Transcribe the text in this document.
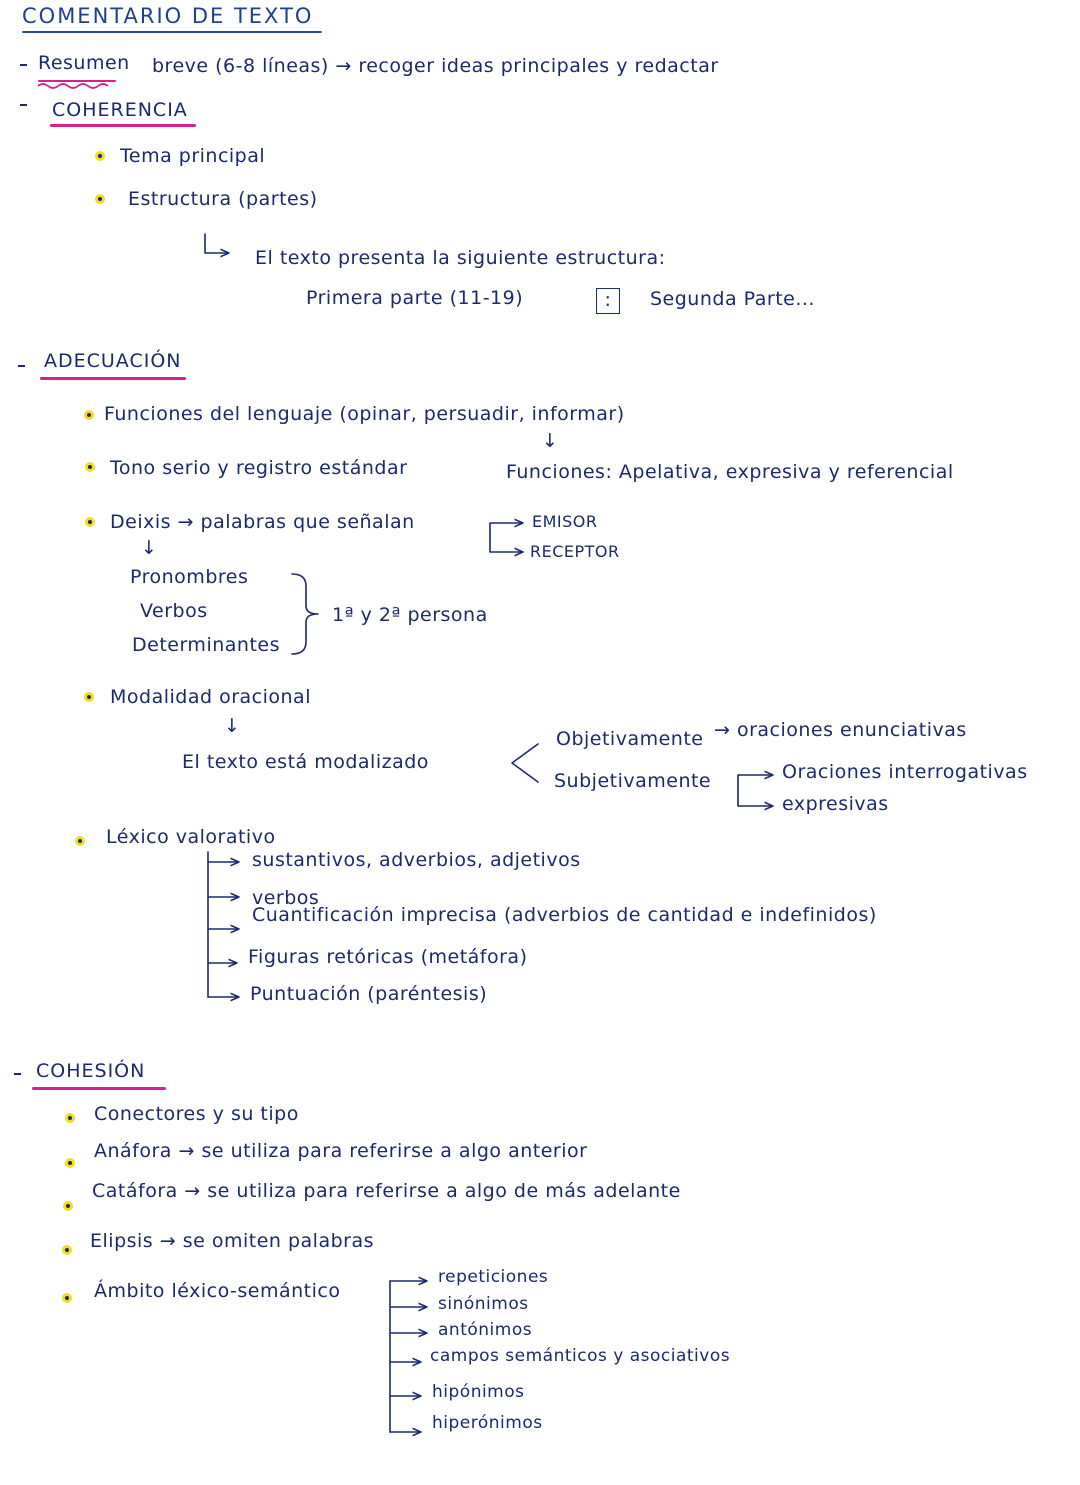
COMENTARIO DE TEXTO
Resumen breve (6-8 líneas) → recoger ideas principales y redactar
COHERENCIA
Tema principal
Estructura (partes)
El texto presenta la siguiente estructura:
Primera parte (11-19)	:	Segunda Parte...
ADECUACIÓN
Funciones del lenguaje (opinar, persuadir, informar)
↓
Tono serio y registro estándar	Funciones: Apelativa, expresiva y referencial
Deixis → palabras que señalan	EMISOR
RECEPTOR
↓
Pronombres
Verbos
Determinantes
1ª y 2ª persona
Modalidad oracional
↓
El texto está modalizado
Objetivamente → oraciones enunciativas
Subjetivamente	Oraciones interrogativas
expresivas
Léxico valorativo
sustantivos, adverbios, adjetivos
verbos
Cuantificación imprecisa (adverbios de cantidad e indefinidos)
Figuras retóricas (metáfora)
Puntuación (paréntesis)
COHESIÓN
Conectores y su tipo
Anáfora → se utiliza para referirse a algo anterior
Catáfora → se utiliza para referirse a algo de más adelante
Elipsis → se omiten palabras
Ámbito léxico-semántico
repeticiones
sinónimos
antónimos
campos semánticos y asociativos
hipónimos
hiperónimos
